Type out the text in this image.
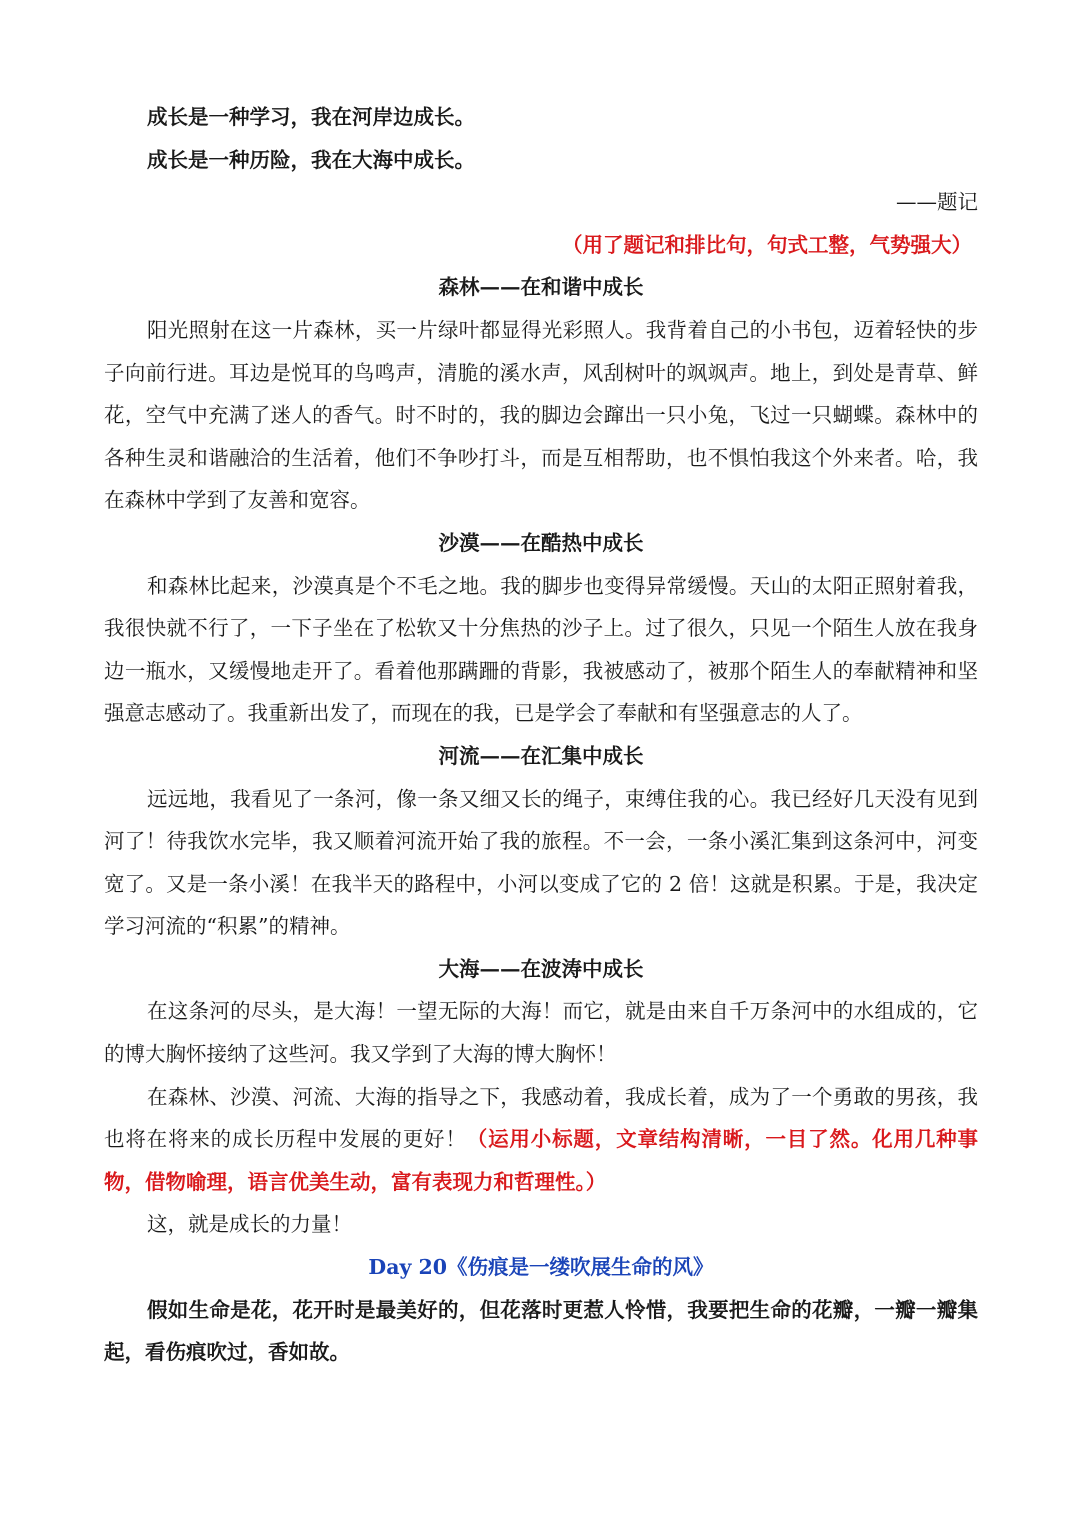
成长是一种学习，我在河岸边成长。

成长是一种历险，我在大海中成长。

——题记

（用了题记和排比句，句式工整，气势强大）

森林——在和谐中成长

阳光照射在这一片森林，买一片绿叶都显得光彩照人。我背着自己的小书包，迈着轻快的步子向前行进。耳边是悦耳的鸟鸣声，清脆的溪水声，风刮树叶的飒飒声。地上，到处是青草、鲜花，空气中充满了迷人的香气。时不时的，我的脚边会蹿出一只小兔，飞过一只蝴蝶。森林中的各种生灵和谐融洽的生活着，他们不争吵打斗，而是互相帮助，也不惧怕我这个外来者。哈，我在森林中学到了友善和宽容。

沙漠——在酷热中成长

和森林比起来，沙漠真是个不毛之地。我的脚步也变得异常缓慢。天山的太阳正照射着我，我很快就不行了，一下子坐在了松软又十分焦热的沙子上。过了很久，只见一个陌生人放在我身边一瓶水，又缓慢地走开了。看着他那蹒跚的背影，我被感动了，被那个陌生人的奉献精神和坚强意志感动了。我重新出发了，而现在的我，已是学会了奉献和有坚强意志的人了。

河流——在汇集中成长

远远地，我看见了一条河，像一条又细又长的绳子，束缚住我的心。我已经好几天没有见到河了！待我饮水完毕，我又顺着河流开始了我的旅程。不一会，一条小溪汇集到这条河中，河变宽了。又是一条小溪！在我半天的路程中，小河以变成了它的 2 倍！这就是积累。于是，我决定学习河流的“积累”的精神。

大海——在波涛中成长

在这条河的尽头，是大海！一望无际的大海！而它，就是由来自千万条河中的水组成的，它的博大胸怀接纳了这些河。我又学到了大海的博大胸怀！

在森林、沙漠、河流、大海的指导之下，我感动着，我成长着，成为了一个勇敢的男孩，我也将在将来的成长历程中发展的更好！（运用小标题，文章结构清晰，一目了然。化用几种事物，借物喻理，语言优美生动，富有表现力和哲理性。）

这，就是成长的力量！

Day 20《伤痕是一缕吹展生命的风》

假如生命是花，花开时是最美好的，但花落时更惹人怜惜，我要把生命的花瓣，一瓣一瓣集起，看伤痕吹过，香如故。
